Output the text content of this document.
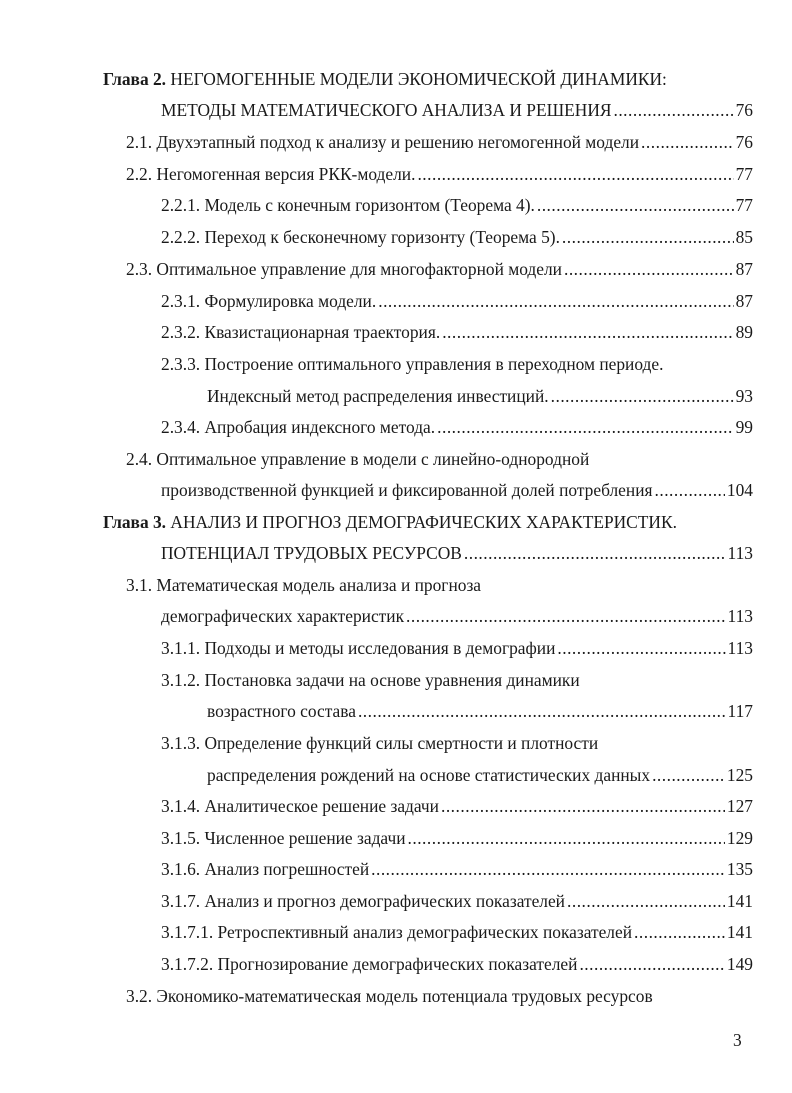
Глава 2. НЕГОМОГЕННЫЕ МОДЕЛИ ЭКОНОМИЧЕСКОЙ ДИНАМИКИ:
МЕТОДЫ МАТЕМАТИЧЕСКОГО АНАЛИЗА И РЕШЕНИЯ .....	76
2.1. Двухэтапный подход к анализу и решению негомогенной модели .....	76
2.2. Негомогенная версия РКК-модели. .....	77
2.2.1. Модель с конечным горизонтом (Теорема 4). .....	77
2.2.2. Переход к бесконечному горизонту (Теорема 5). .....	85
2.3. Оптимальное управление для многофакторной модели .....	87
2.3.1. Формулировка модели. .....	87
2.3.2. Квазистационарная траектория. .....	89
2.3.3. Построение оптимального управления в переходном периоде.
Индексный метод распределения инвестиций. .....	93
2.3.4. Апробация индексного метода. .....	99
2.4. Оптимальное управление в модели с линейно-однородной
производственной функцией и фиксированной долей потребления .....	104
Глава 3. АНАЛИЗ И ПРОГНОЗ ДЕМОГРАФИЧЕСКИХ ХАРАКТЕРИСТИК.
ПОТЕНЦИАЛ ТРУДОВЫХ РЕСУРСОВ .....	113
3.1. Математическая модель анализа и прогноза
демографических характеристик .....	113
3.1.1. Подходы и методы исследования в демографии .....	113
3.1.2. Постановка задачи на основе уравнения динамики
возрастного состава .....	117
3.1.3. Определение функций силы смертности и плотности
распределения рождений на основе статистических данных .....	125
3.1.4. Аналитическое решение задачи .....	127
3.1.5. Численное решение задачи .....	129
3.1.6. Анализ погрешностей .....	135
3.1.7. Анализ и прогноз демографических показателей .....	141
3.1.7.1. Ретроспективный анализ демографических показателей .....	141
3.1.7.2. Прогнозирование демографических показателей .....	149
3.2. Экономико-математическая модель потенциала трудовых ресурсов
3
